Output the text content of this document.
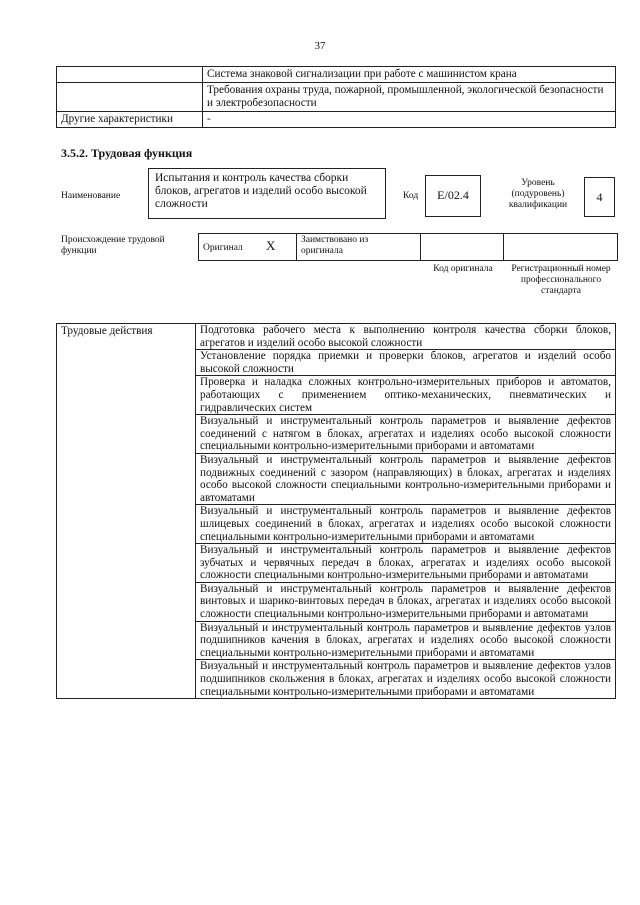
37
	Система знаковой сигнализации при работе с машинистом крана
	Требования охраны труда, пожарной, промышленной, экологической безопасности и электробезопасности
Другие характеристики	-
3.5.2. Трудовая функция
Наименование
Испытания и контроль качества сборки блоков, агрегатов и изделий особо высокой сложности
Код	E/02.4
Уровень (подуровень) квалификации
4
Происхождение трудовой функции	Оригинал X	Заимствовано из оригинала
Код оригинала	Регистрационный номер профессионального стандарта
Трудовые действия	Подготовка рабочего места к выполнению контроля качества сборки блоков, агрегатов и изделий особо высокой сложности
Установление порядка приемки и проверки блоков, агрегатов и изделий особо высокой сложности
Проверка и наладка сложных контрольно-измерительных приборов и автоматов, работающих с применением оптико-механических, пневматических и гидравлических систем
Визуальный и инструментальный контроль параметров и выявление дефектов соединений с натягом в блоках, агрегатах и изделиях особо высокой сложности специальными контрольно-измерительными приборами и автоматами
Визуальный и инструментальный контроль параметров и выявление дефектов подвижных соединений с зазором (направляющих) в блоках, агрегатах и изделиях особо высокой сложности специальными контрольно-измерительными приборами и автоматами
Визуальный и инструментальный контроль параметров и выявление дефектов шлицевых соединений в блоках, агрегатах и изделиях особо высокой сложности специальными контрольно-измерительными приборами и автоматами
Визуальный и инструментальный контроль параметров и выявление дефектов зубчатых и червячных передач в блоках, агрегатах и изделиях особо высокой сложности специальными контрольно-измерительными приборами и автоматами
Визуальный и инструментальный контроль параметров и выявление дефектов винтовых и шарико-винтовых передач в блоках, агрегатах и изделиях особо высокой сложности специальными контрольно-измерительными приборами и автоматами
Визуальный и инструментальный контроль параметров и выявление дефектов узлов подшипников качения в блоках, агрегатах и изделиях особо высокой сложности специальными контрольно-измерительными приборами и автоматами
Визуальный и инструментальный контроль параметров и выявление дефектов узлов подшипников скольжения в блоках, агрегатах и изделиях особо высокой сложности специальными контрольно-измерительными приборами и автоматами
